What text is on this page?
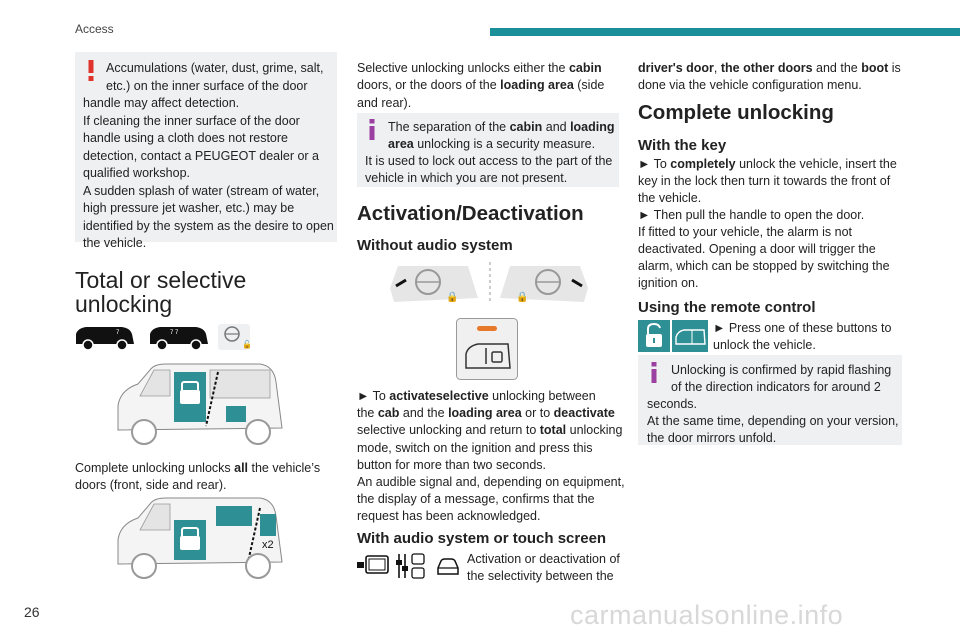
Access
Accumulations (water, dust, grime, salt,
etc.) on the inner surface of the door
handle may affect detection.
If cleaning the inner surface of the door
handle using a cloth does not restore
detection, contact a PEUGEOT dealer or a
qualified workshop.
A sudden splash of water (stream of water,
high pressure jet washer, etc.) may be
identified by the system as the desire to open
the vehicle.
Total or selective
unlocking
7	7 7
🔓
Complete unlocking unlocks all the vehicle’s
doors (front, side and rear).
x2
Selective unlocking unlocks either the cabin
doors, or the doors of the loading area (side
and rear).
The separation of the cabin and loading
area unlocking is a security measure.
It is used to lock out access to the part of the
vehicle in which you are not present.
Activation/Deactivation
Without audio system
🔒	🔒
► To activateselective unlocking between
the cab and the loading area or to deactivate
selective unlocking and return to total unlocking
mode, switch on the ignition and press this
button for more than two seconds.
An audible signal and, depending on equipment,
the display of a message, confirms that the
request has been acknowledged.
With audio system or touch screen
Activation or deactivation of
the selectivity between the
driver's door, the other doors and the boot is
done via the vehicle configuration menu.
Complete unlocking
With the key
► To completely unlock the vehicle, insert the
key in the lock then turn it towards the front of
the vehicle.
► Then pull the handle to open the door.
If fitted to your vehicle, the alarm is not
deactivated. Opening a door will trigger the
alarm, which can be stopped by switching the
ignition on.
Using the remote control
► Press one of these buttons to
unlock the vehicle.
Unlocking is confirmed by rapid flashing
of the direction indicators for around 2
seconds.
At the same time, depending on your version,
the door mirrors unfold.
26	carmanualsonline.info
